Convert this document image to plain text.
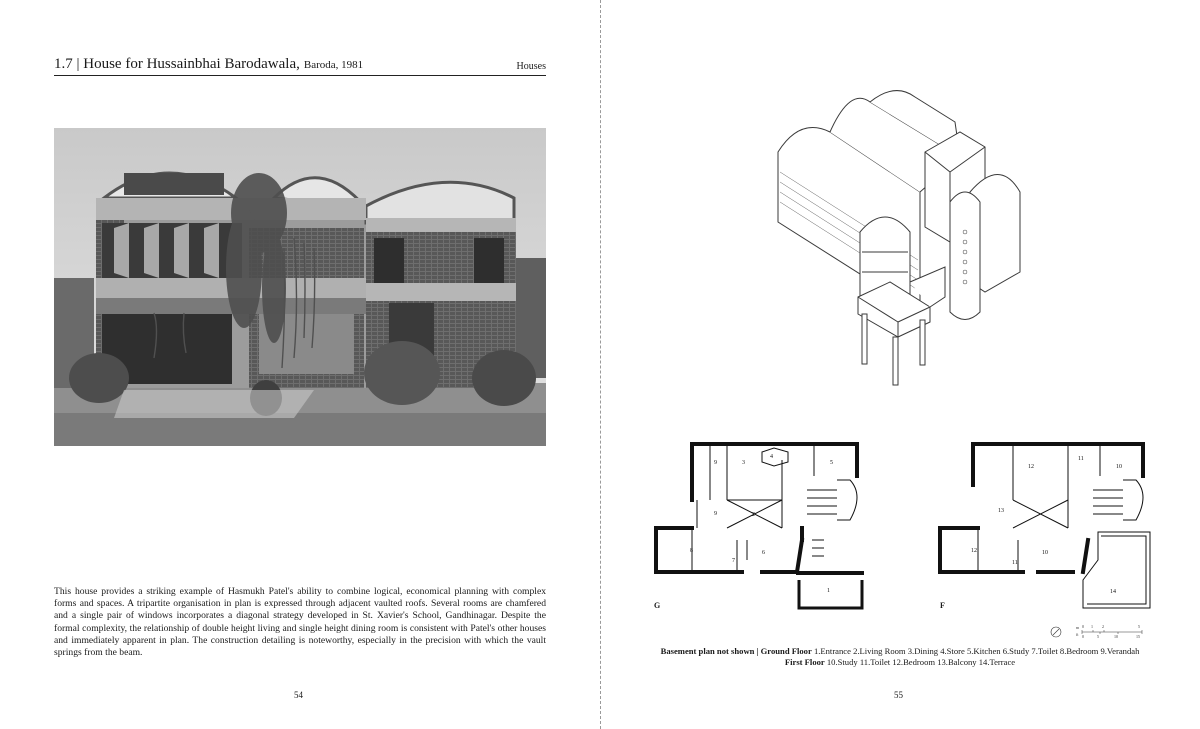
1.7 | House for Hussainbhai Barodawala, Baroda, 1981	Houses

This house provides a striking example of Hasmukh Patel's ability to combine logical, economical planning with complex forms and spaces. A tripartite organisation in plan is expressed through adjacent vaulted roofs. Several rooms are chamfered and a single pair of windows incorporates a diagonal strategy developed in St. Xavier's School, Gandhinagar. Despite the formal complexity, the relationship of double height living and single height dining room is consistent with Patel's other houses and immediately apparent in plan. The construction detailing is noteworthy, especially in the precision with which the vault springs from the beam.

54
4
3	5
9
9	2
8	6
7
1
G
12
11
10
13
12
11
10
14
F
m
ft
0 1 2	5
0	5	10	15
Basement plan not shown | Ground Floor 1.Entrance 2.Living Room 3.Dining 4.Store 5.Kitchen 6.Study 7.Toilet 8.Bedroom 9.Verandah
First Floor 10.Study 11.Toilet 12.Bedroom 13.Balcony 14.Terrace
55
